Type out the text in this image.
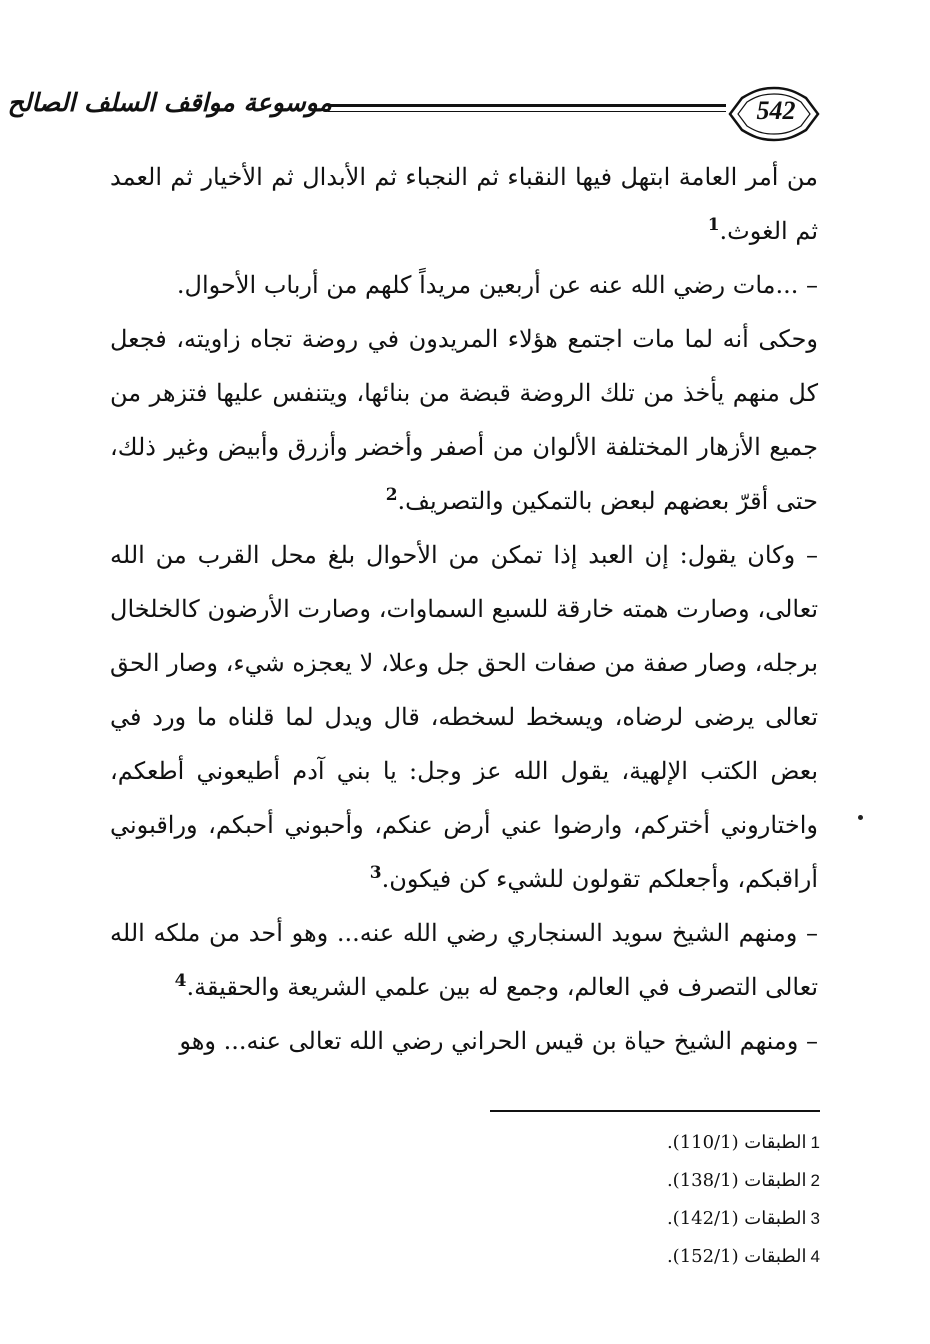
542
موسوعة مواقف السلف الصالح

من أمر العامة ابتهل فيها النقباء ثم النجباء ثم الأبدال ثم الأخيار ثم العمد ثم الغوث.$^1$

– ...مات رضي الله عنه عن أربعين مريداً كلهم من أرباب الأحوال.

وحكى أنه لما مات اجتمع هؤلاء المريدون في روضة تجاه زاويته، فجعل كل منهم يأخذ من تلك الروضة قبضة من بنائها، ويتنفس عليها فتزهر من جميع الأزهار المختلفة الألوان من أصفر وأخضر وأزرق وأبيض وغير ذلك، حتى أقرّ بعضهم لبعض بالتمكين والتصريف.$^2$

– وكان يقول: إن العبد إذا تمكن من الأحوال بلغ محل القرب من الله تعالى، وصارت همته خارقة للسبع السماوات، وصارت الأرضون كالخلخال برجله، وصار صفة من صفات الحق جل وعلا، لا يعجزه شيء، وصار الحق تعالى يرضى لرضاه، ويسخط لسخطه، قال ويدل لما قلناه ما ورد في بعض الكتب الإلهية، يقول الله عز وجل: يا بني آدم أطيعوني أطعكم، واختاروني أختركم، وارضوا عني أرض عنكم، وأحبوني أحبكم، وراقبوني أراقبكم، وأجعلكم تقولون للشيء كن فيكون.$^3$

– ومنهم الشيخ سويد السنجاري رضي الله عنه... وهو أحد من ملكه الله تعالى التصرف في العالم، وجمع له بين علمي الشريعة والحقيقة.$^4$

– ومنهم الشيخ حياة بن قيس الحراني رضي الله تعالى عنه... وهو

1الطبقات (110/1).
2الطبقات (138/1).
3الطبقات (142/1).
4الطبقات (152/1).
